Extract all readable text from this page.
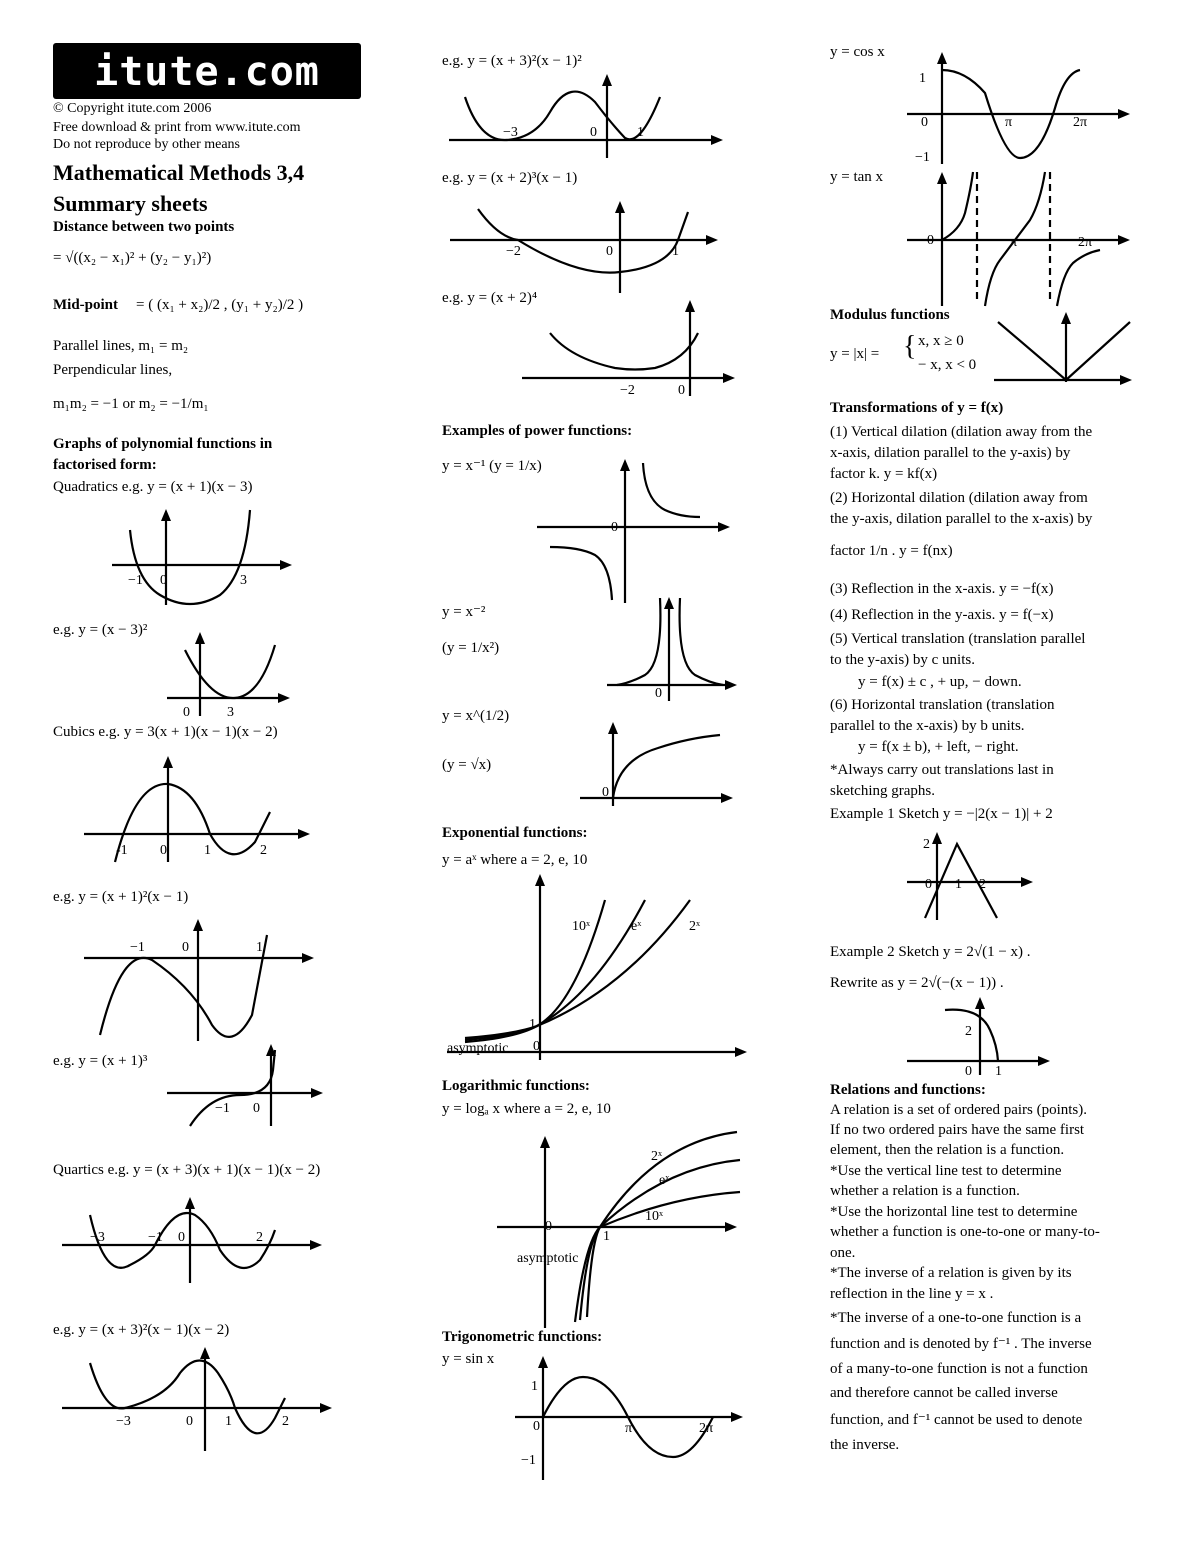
itute.com
© Copyright itute.com 2006
Free download & print from www.itute.com
Do not reproduce by other means
Mathematical Methods 3,4
Summary sheets
Distance between two points
= √((x₂ − x₁)² + (y₂ − y₁)²)
Mid-point = ( (x₁ + x₂)/2 , (y₁ + y₂)/2 )
Parallel lines, m₁ = m₂
Perpendicular lines,
m₁m₂ = −1 or m₂ = −1/m₁
Graphs of polynomial functions in
factorised form:
Quadratics e.g. y = (x + 1)(x − 3)
−1 0	3
e.g. y = (x − 3)²
0	3
Cubics e.g. y = 3(x + 1)(x − 1)(x − 2)
-1 0	1	2
e.g. y = (x + 1)²(x − 1)
−1	0	1
e.g. y = (x + 1)³
−1 0
Quartics e.g. y = (x + 3)(x + 1)(x − 1)(x − 2)
−3	−1 0	2
e.g. y = (x + 3)²(x − 1)(x − 2)
−3	0 1	2
e.g. y = (x + 3)²(x − 1)²
−3	0	1
e.g. y = (x + 2)³(x − 1)
−2	0	1
e.g. y = (x + 2)⁴
−2	0
Examples of power functions:
y = x⁻¹ (y = 1/x)
0
y = x⁻²
(y = 1/x²)
0
y = x^(1/2)
(y = √x)
0
Exponential functions:
y = aˣ where a = 2, e, 10
10ˣ	eˣ	2ˣ
1
asymptotic 0
Logarithmic functions:
y = logₐ x where a = 2, e, 10
2ˣ
eˣ
10ˣ
0
1
asymptotic
Trigonometric functions:
y = sin x
1
0	π	2π
−1
y = cos x
1
0	π	2π
−1
y = tan x
0	π	2π
Modulus functions
y = |x| = { x, x ≥ 0
− x, x < 0
Transformations of y = f(x)
(1) Vertical dilation (dilation away from the
x-axis, dilation parallel to the y-axis) by
factor k. y = kf(x)
(2) Horizontal dilation (dilation away from
the y-axis, dilation parallel to the x-axis) by
factor 1/n . y = f(nx)
(3) Reflection in the x-axis. y = −f(x)
(4) Reflection in the y-axis. y = f(−x)
(5) Vertical translation (translation parallel
to the y-axis) by c units.
y = f(x) ± c , + up, − down.
(6) Horizontal translation (translation
parallel to the x-axis) by b units.
y = f(x ± b), + left, − right.
*Always carry out translations last in
sketching graphs.
Example 1 Sketch y = −|2(x − 1)| + 2
2
0 1 2
Example 2 Sketch y = 2√(1 − x) .
Rewrite as y = 2√(−(x − 1)) .
2
0 1
Relations and functions:
A relation is a set of ordered pairs (points).
If no two ordered pairs have the same first
element, then the relation is a function.
*Use the vertical line test to determine
whether a relation is a function.
*Use the horizontal line test to determine
whether a function is one-to-one or many-to-
one.
*The inverse of a relation is given by its
reflection in the line y = x .
*The inverse of a one-to-one function is a
function and is denoted by f⁻¹ . The inverse
of a many-to-one function is not a function
and therefore cannot be called inverse
function, and f⁻¹ cannot be used to denote
the inverse.
